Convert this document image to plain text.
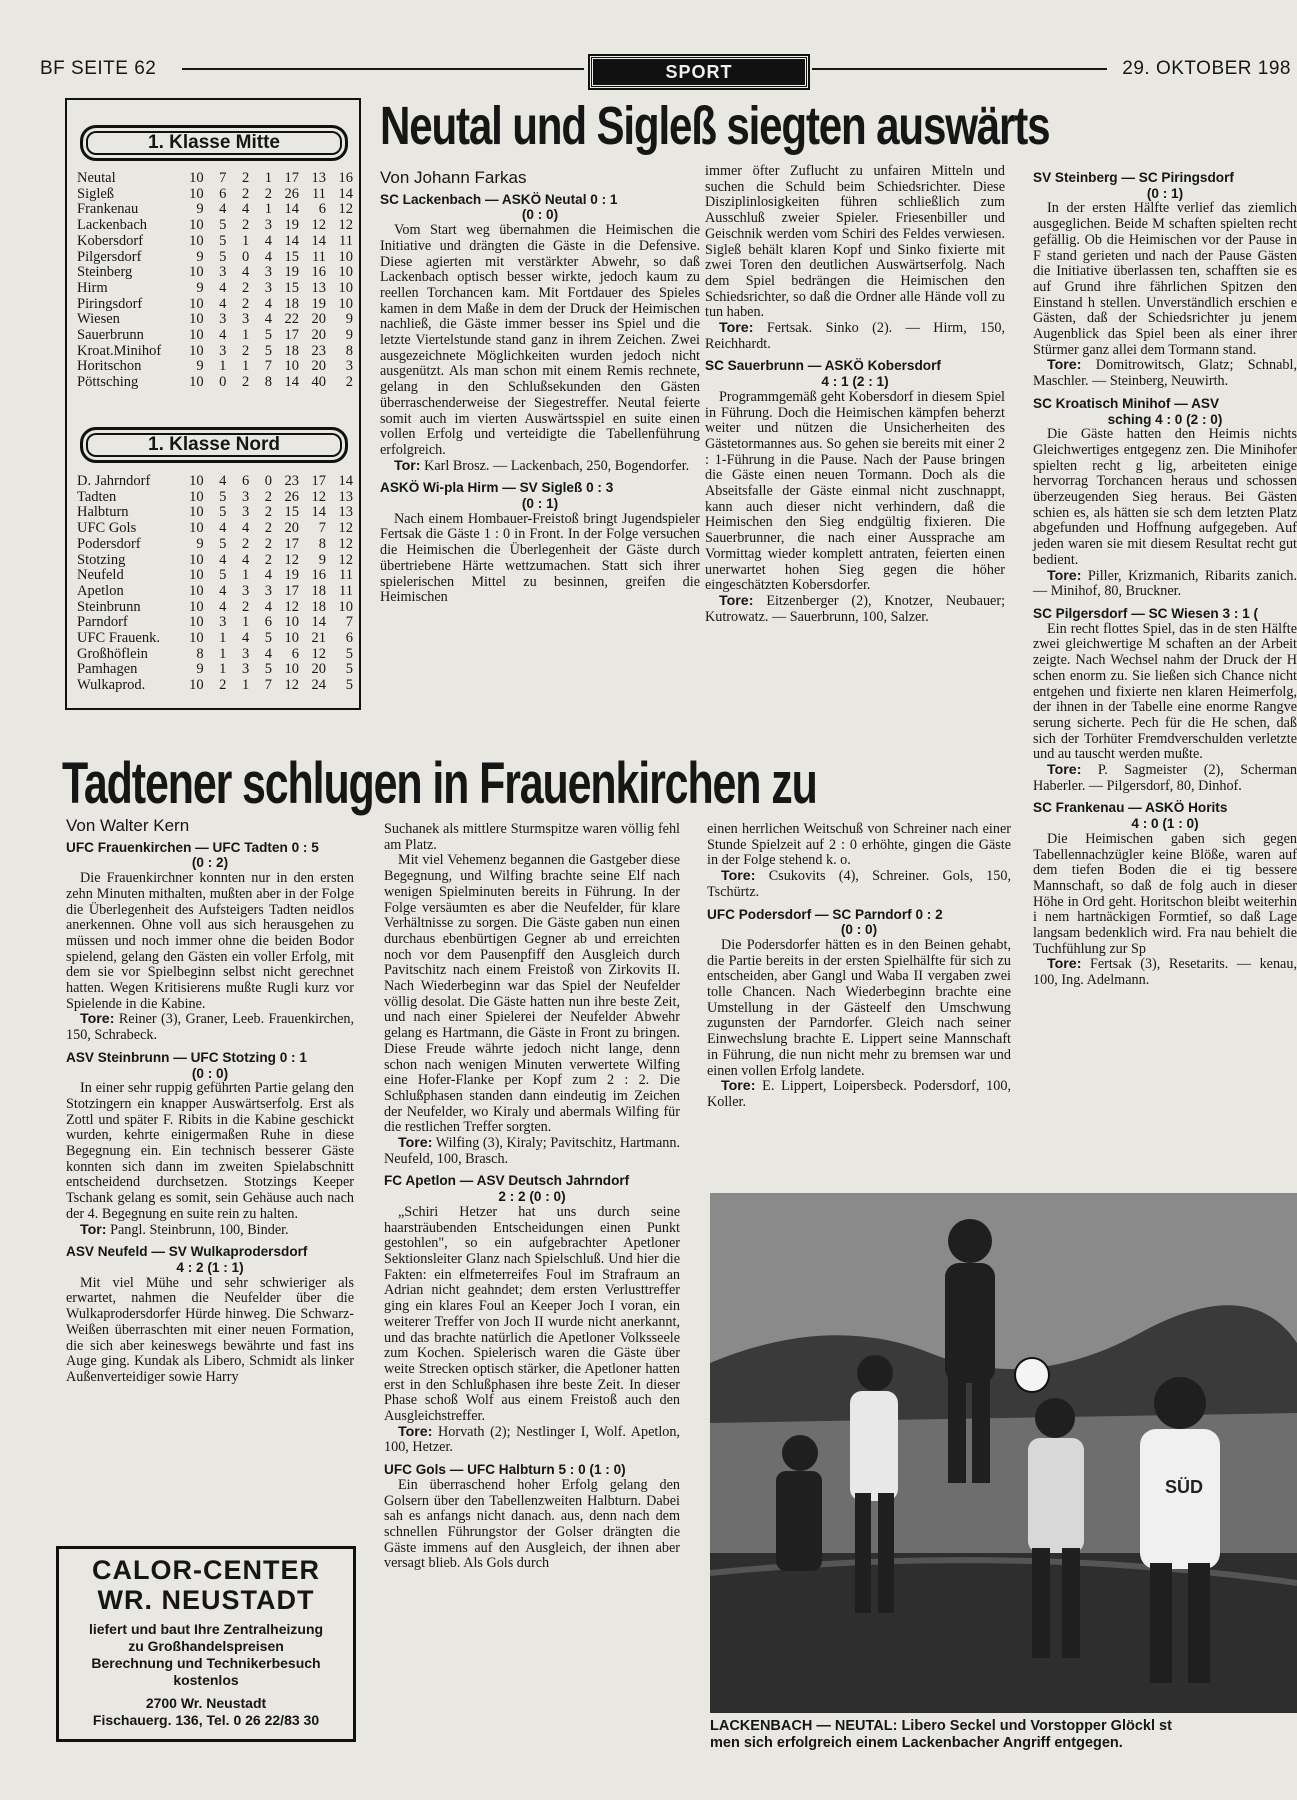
BF SEITE 62	SPORT	29. OKTOBER 198
1. Klasse Mitte
Neutal	10	7	2	1	17	13	16
Sigleß	10	6	2	2	26	11	14
Frankenau	9	4	4	1	14	6	12
Lackenbach	10	5	2	3	19	12	12
Kobersdorf	10	5	1	4	14	14	11
Pilgersdorf	9	5	0	4	15	11	10
Steinberg	10	3	4	3	19	16	10
Hirm	9	4	2	3	15	13	10
Piringsdorf	10	4	2	4	18	19	10
Wiesen	10	3	3	4	22	20	9
Sauerbrunn	10	4	1	5	17	20	9
Kroat.Minihof	10	3	2	5	18	23	8
Horitschon	9	1	1	7	10	20	3
Pöttsching	10	0	2	8	14	40	2
1. Klasse Nord
D. Jahrndorf	10	4	6	0	23	17	14
Tadten	10	5	3	2	26	12	13
Halbturn	10	5	3	2	15	14	13
UFC Gols	10	4	4	2	20	7	12
Podersdorf	9	5	2	2	17	8	12
Stotzing	10	4	4	2	12	9	12
Neufeld	10	5	1	4	19	16	11
Apetlon	10	4	3	3	17	18	11
Steinbrunn	10	4	2	4	12	18	10
Parndorf	10	3	1	6	10	14	7
UFC Frauenk.	10	1	4	5	10	21	6
Großhöflein	8	1	3	4	6	12	5
Pamhagen	9	1	3	5	10	20	5
Wulkaprod.	10	2	1	7	12	24	5
Neutal und Sigleß siegten auswärts

Von Johann Farkas

SC Lackenbach — ASKÖ Neutal 0 : 1

(0 : 0)

Vom Start weg übernahmen die Heimischen die Initiative und drängten die Gäste in die Defensive. Diese agierten mit verstärkter Abwehr, so daß Lackenbach optisch besser wirkte, jedoch kaum zu reellen Torchancen kam. Mit Fortdauer des Spieles kamen in dem Maße in dem der Druck der Heimischen nachließ, die Gäste immer besser ins Spiel und die letzte Viertelstunde stand ganz in ihrem Zeichen. Zwei ausgezeichnete Möglichkeiten wurden jedoch nicht ausgenützt. Als man schon mit einem Remis rechnete, gelang in den Schlußsekunden den Gästen überraschenderweise der Siegestreffer. Neutal feierte somit auch im vierten Auswärtsspiel en suite einen vollen Erfolg und verteidigte die Tabellenführung erfolgreich.

Tor: Karl Brosz. — Lackenbach, 250, Bogendorfer.

ASKÖ Wi-pla Hirm — SV Sigleß 0 : 3

(0 : 1)

Nach einem Hombauer-Freistoß bringt Jugendspieler Fertsak die Gäste 1 : 0 in Front. In der Folge versuchen die Heimischen die Überlegenheit der Gäste durch übertriebene Härte wettzumachen. Statt sich ihrer spielerischen Mittel zu besinnen, greifen die Heimischen

immer öfter Zuflucht zu unfairen Mitteln und suchen die Schuld beim Schiedsrichter. Diese Disziplinlosigkeiten führen schließlich zum Ausschluß zweier Spieler. Friesenbiller und Geischnik werden vom Schiri des Feldes verwiesen. Sigleß behält klaren Kopf und Sinko fixierte mit zwei Toren den deutlichen Auswärtserfolg. Nach dem Spiel bedrängen die Heimischen den Schiedsrichter, so daß die Ordner alle Hände voll zu tun haben.

Tore: Fertsak. Sinko (2). — Hirm, 150, Reichhardt.

SC Sauerbrunn — ASKÖ Kobersdorf

4 : 1 (2 : 1)

Programmgemäß geht Kobersdorf in diesem Spiel in Führung. Doch die Heimischen kämpfen beherzt weiter und nützen die Unsicherheiten des Gästetormannes aus. So gehen sie bereits mit einer 2 : 1-Führung in die Pause. Nach der Pause bringen die Gäste einen neuen Tormann. Doch als die Abseitsfalle der Gäste einmal nicht zuschnappt, kann auch dieser nicht verhindern, daß die Heimischen den Sieg endgültig fixieren. Die Sauerbrunner, die nach einer Aussprache am Vormittag wieder komplett antraten, feierten einen unerwartet hohen Sieg gegen die höher eingeschätzten Kobersdorfer.

Tore: Eitzenberger (2), Knotzer, Neubauer; Kutrowatz. — Sauerbrunn, 100, Salzer.

SV Steinberg — SC Piringsdorf

(0 : 1)

In der ersten Hälfte verlief das ziemlich ausgeglichen. Beide M schaften spielten recht gefällig. Ob die Heimischen vor der Pause in F stand gerieten und nach der Pause Gästen die Initiative überlassen ten, schafften sie es auf Grund ihre fährlichen Spitzen den Einstand h stellen. Unverständlich erschien e Gästen, daß der Schiedsrichter ju jenem Augenblick das Spiel been als einer ihrer Stürmer ganz allei dem Tormann stand.

Tore: Domitrowitsch, Glatz; Schnabl, Maschler. — Steinberg, Neuwirth.

SC Kroatisch Minihof — ASV

sching 4 : 0 (2 : 0)

Die Gäste hatten den Heimis nichts Gleichwertiges entgegenz zen. Die Minihofer spielten recht g lig, arbeiteten einige hervorrag Torchancen heraus und schossen überzeugenden Sieg heraus. Bei Gästen schien es, als hätten sie sch dem letzten Platz abgefunden und Hoffnung aufgegeben. Auf jeden waren sie mit diesem Resultat recht gut bedient.

Tore: Piller, Krizmanich, Ribarits zanich. — Minihof, 80, Bruckner.

SC Pilgersdorf — SC Wiesen 3 : 1 (

Ein recht flottes Spiel, das in de sten Hälfte zwei gleichwertige M schaften an der Arbeit zeigte. Nach Wechsel nahm der Druck der H schen enorm zu. Sie ließen sich Chance nicht entgehen und fixierte nen klaren Heimerfolg, der ihnen in der Tabelle eine enorme Rangve serung sicherte. Pech für die He schen, daß sich der Torhüter Fremdverschulden verletzte und au tauscht werden mußte.

Tore: P. Sagmeister (2), Scherman Haberler. — Pilgersdorf, 80, Dinhof.

SC Frankenau — ASKÖ Horits

4 : 0 (1 : 0)

Die Heimischen gaben sich gegen Tabellennachzügler keine Blöße, waren auf dem tiefen Boden die ei tig bessere Mannschaft, so daß de folg auch in dieser Höhe in Ord geht. Horitschon bleibt weiterhin i nem hartnäckigen Formtief, so daß Lage langsam bedenklich wird. Fra nau behielt die Tuchfühlung zur Sp

Tore: Fertsak (3), Resetarits. — kenau, 100, Ing. Adelmann.

Tadtener schlugen in Frauenkirchen zu

Von Walter Kern

UFC Frauenkirchen — UFC Tadten 0 : 5

(0 : 2)

Die Frauenkirchner konnten nur in den ersten zehn Minuten mithalten, mußten aber in der Folge die Überlegenheit des Aufsteigers Tadten neidlos anerkennen. Ohne voll aus sich herausgehen zu müssen und noch immer ohne die beiden Bodor spielend, gelang den Gästen ein voller Erfolg, mit dem sie vor Spielbeginn selbst nicht gerechnet hatten. Wegen Kritisierens mußte Rugli kurz vor Spielende in die Kabine.

Tore: Reiner (3), Graner, Leeb. Frauenkirchen, 150, Schrabeck.

ASV Steinbrunn — UFC Stotzing 0 : 1

(0 : 0)

In einer sehr ruppig geführten Partie gelang den Stotzingern ein knapper Auswärtserfolg. Erst als Zottl und später F. Ribits in die Kabine geschickt wurden, kehrte einigermaßen Ruhe in diese Begegnung ein. Ein technisch besserer Gäste konnten sich dann im zweiten Spielabschnitt entscheidend durchsetzen. Stotzings Keeper Tschank gelang es somit, sein Gehäuse auch nach der 4. Begegnung en suite rein zu halten.

Tor: Pangl. Steinbrunn, 100, Binder.

ASV Neufeld — SV Wulkaprodersdorf

4 : 2 (1 : 1)

Mit viel Mühe und sehr schwieriger als erwartet, nahmen die Neufelder über die Wulkaprodersdorfer Hürde hinweg. Die Schwarz-Weißen überraschten mit einer neuen Formation, die sich aber keineswegs bewährte und fast ins Auge ging. Kundak als Libero, Schmidt als linker Außenverteidiger sowie Harry

Suchanek als mittlere Sturmspitze waren völlig fehl am Platz.

Mit viel Vehemenz begannen die Gastgeber diese Begegnung, und Wilfing brachte seine Elf nach wenigen Spielminuten bereits in Führung. In der Folge versäumten es aber die Neufelder, für klare Verhältnisse zu sorgen. Die Gäste gaben nun einen durchaus ebenbürtigen Gegner ab und erreichten noch vor dem Pausenpfiff den Ausgleich durch Pavitschitz nach einem Freistoß von Zirkovits II. Nach Wiederbeginn war das Spiel der Neufelder völlig desolat. Die Gäste hatten nun ihre beste Zeit, und nach einer Spielerei der Neufelder Abwehr gelang es Hartmann, die Gäste in Front zu bringen. Diese Freude währte jedoch nicht lange, denn schon nach wenigen Minuten verwertete Wilfing eine Hofer-Flanke per Kopf zum 2 : 2. Die Schlußphasen standen dann eindeutig im Zeichen der Neufelder, wo Kiraly und abermals Wilfing für die restlichen Treffer sorgten.

Tore: Wilfing (3), Kiraly; Pavitschitz, Hartmann. Neufeld, 100, Brasch.

FC Apetlon — ASV Deutsch Jahrndorf

2 : 2 (0 : 0)

„Schiri Hetzer hat uns durch seine haarsträubenden Entscheidungen einen Punkt gestohlen", so ein aufgebrachter Apetloner Sektionsleiter Glanz nach Spielschluß. Und hier die Fakten: ein elfmeterreifes Foul im Strafraum an Adrian nicht geahndet; dem ersten Verlusttreffer ging ein klares Foul an Keeper Joch I voran, ein weiterer Treffer von Joch II wurde nicht anerkannt, und das brachte natürlich die Apetloner Volksseele zum Kochen. Spielerisch waren die Gäste über weite Strecken optisch stärker, die Apetloner hatten erst in den Schlußphasen ihre beste Zeit. In dieser Phase schoß Wolf aus einem Freistoß auch den Ausgleichstreffer.

Tore: Horvath (2); Nestlinger I, Wolf. Apetlon, 100, Hetzer.

UFC Gols — UFC Halbturn 5 : 0 (1 : 0)

Ein überraschend hoher Erfolg gelang den Golsern über den Tabellenzweiten Halbturn. Dabei sah es anfangs nicht danach. aus, denn nach dem schnellen Führungstor der Golser drängten die Gäste immens auf den Ausgleich, der ihnen aber versagt blieb. Als Gols durch

einen herrlichen Weitschuß von Schreiner nach einer Stunde Spielzeit auf 2 : 0 erhöhte, gingen die Gäste in der Folge stehend k. o.

Tore: Csukovits (4), Schreiner. Gols, 150, Tschürtz.

UFC Podersdorf — SC Parndorf 0 : 2

(0 : 0)

Die Podersdorfer hätten es in den Beinen gehabt, die Partie bereits in der ersten Spielhälfte für sich zu entscheiden, aber Gangl und Waba II vergaben zwei tolle Chancen. Nach Wiederbeginn brachte eine Umstellung in der Gästeelf den Umschwung zugunsten der Parndorfer. Gleich nach seiner Einwechslung brachte E. Lippert seine Mannschaft in Führung, die nun nicht mehr zu bremsen war und einen vollen Erfolg landete.

Tore: E. Lippert, Loipersbeck. Podersdorf, 100, Koller.

CALOR-CENTER
WR. NEUSTADT
liefert und baut Ihre Zentralheizung
zu Großhandelspreisen
Berechnung und Technikerbesuch
kostenlos
2700 Wr. Neustadt
Fischauerg. 136, Tel. 0 26 22/83 30
SÜD
LACKENBACH — NEUTAL: Libero Seckel und Vorstopper Glöckl st
men sich erfolgreich einem Lackenbacher Angriff entgegen.
